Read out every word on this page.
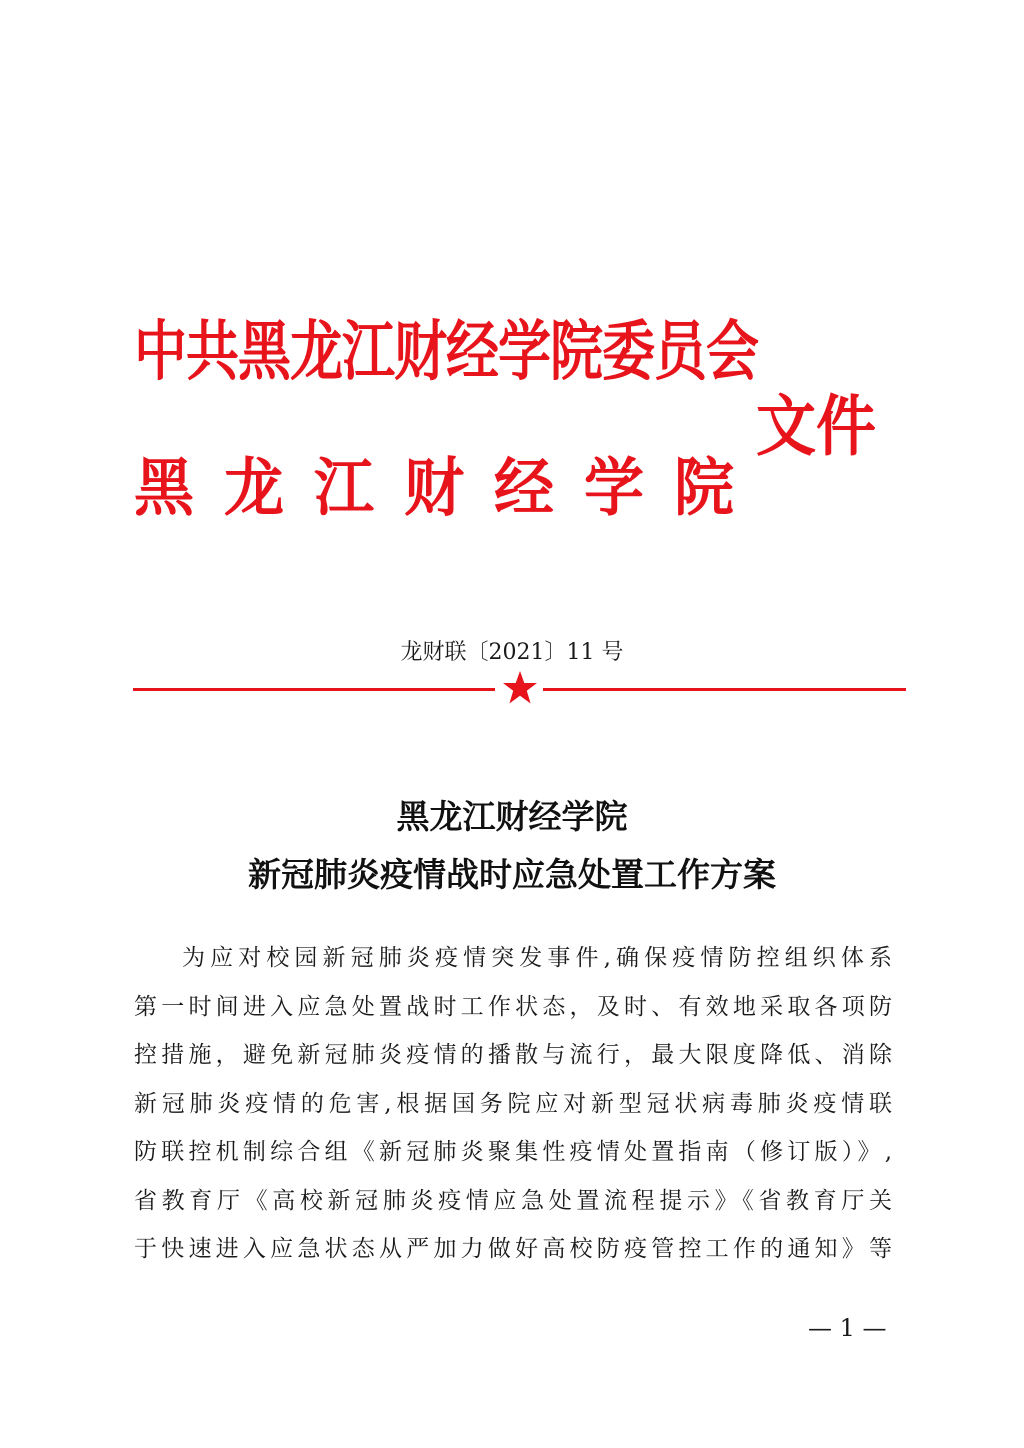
中共黑龙江财经学院委员会
黑龙江财经学院
文件
龙财联〔2021〕11 号
黑龙江财经学院
新冠肺炎疫情战时应急处置工作方案
为应对校园新冠肺炎疫情突发事件,确保疫情防控组织体系
第一时间进入应急处置战时工作状态，及时、有效地采取各项防
控措施，避免新冠肺炎疫情的播散与流行，最大限度降低、消除
新冠肺炎疫情的危害,根据国务院应对新型冠状病毒肺炎疫情联
防联控机制综合组《新冠肺炎聚集性疫情处置指南（修订版）》,
省教育厅《高校新冠肺炎疫情应急处置流程提示》《省教育厅关
于快速进入应急状态从严加力做好高校防疫管控工作的通知》等
— 1 —
